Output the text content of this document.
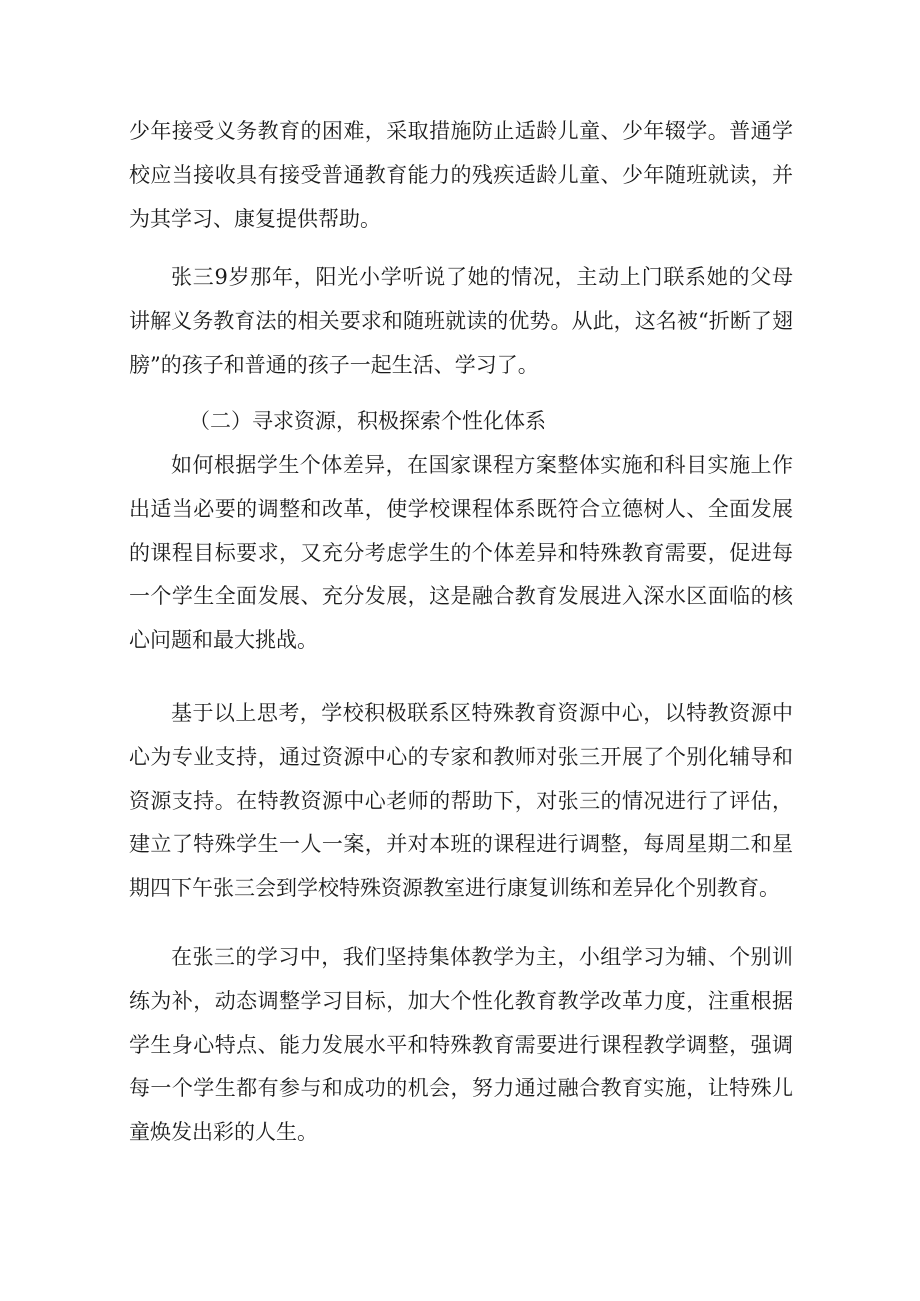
少年接受义务教育的困难，采取措施防止适龄儿童、少年辍学。普通学校应当接收具有接受普通教育能力的残疾适龄儿童、少年随班就读，并为其学习、康复提供帮助。

张三9岁那年，阳光小学听说了她的情况，主动上门联系她的父母讲解义务教育法的相关要求和随班就读的优势。从此，这名被“折断了翅膀”的孩子和普通的孩子一起生活、学习了。

（二）寻求资源，积极探索个性化体系

如何根据学生个体差异，在国家课程方案整体实施和科目实施上作出适当必要的调整和改革，使学校课程体系既符合立德树人、全面发展的课程目标要求，又充分考虑学生的个体差异和特殊教育需要，促进每一个学生全面发展、充分发展，这是融合教育发展进入深水区面临的核心问题和最大挑战。

基于以上思考，学校积极联系区特殊教育资源中心，以特教资源中心为专业支持，通过资源中心的专家和教师对张三开展了个别化辅导和资源支持。在特教资源中心老师的帮助下，对张三的情况进行了评估，建立了特殊学生一人一案，并对本班的课程进行调整，每周星期二和星期四下午张三会到学校特殊资源教室进行康复训练和差异化个别教育。

在张三的学习中，我们坚持集体教学为主，小组学习为辅、个别训练为补，动态调整学习目标，加大个性化教育教学改革力度，注重根据学生身心特点、能力发展水平和特殊教育需要进行课程教学调整，强调每一个学生都有参与和成功的机会，努力通过融合教育实施，让特殊儿童焕发出彩的人生。
